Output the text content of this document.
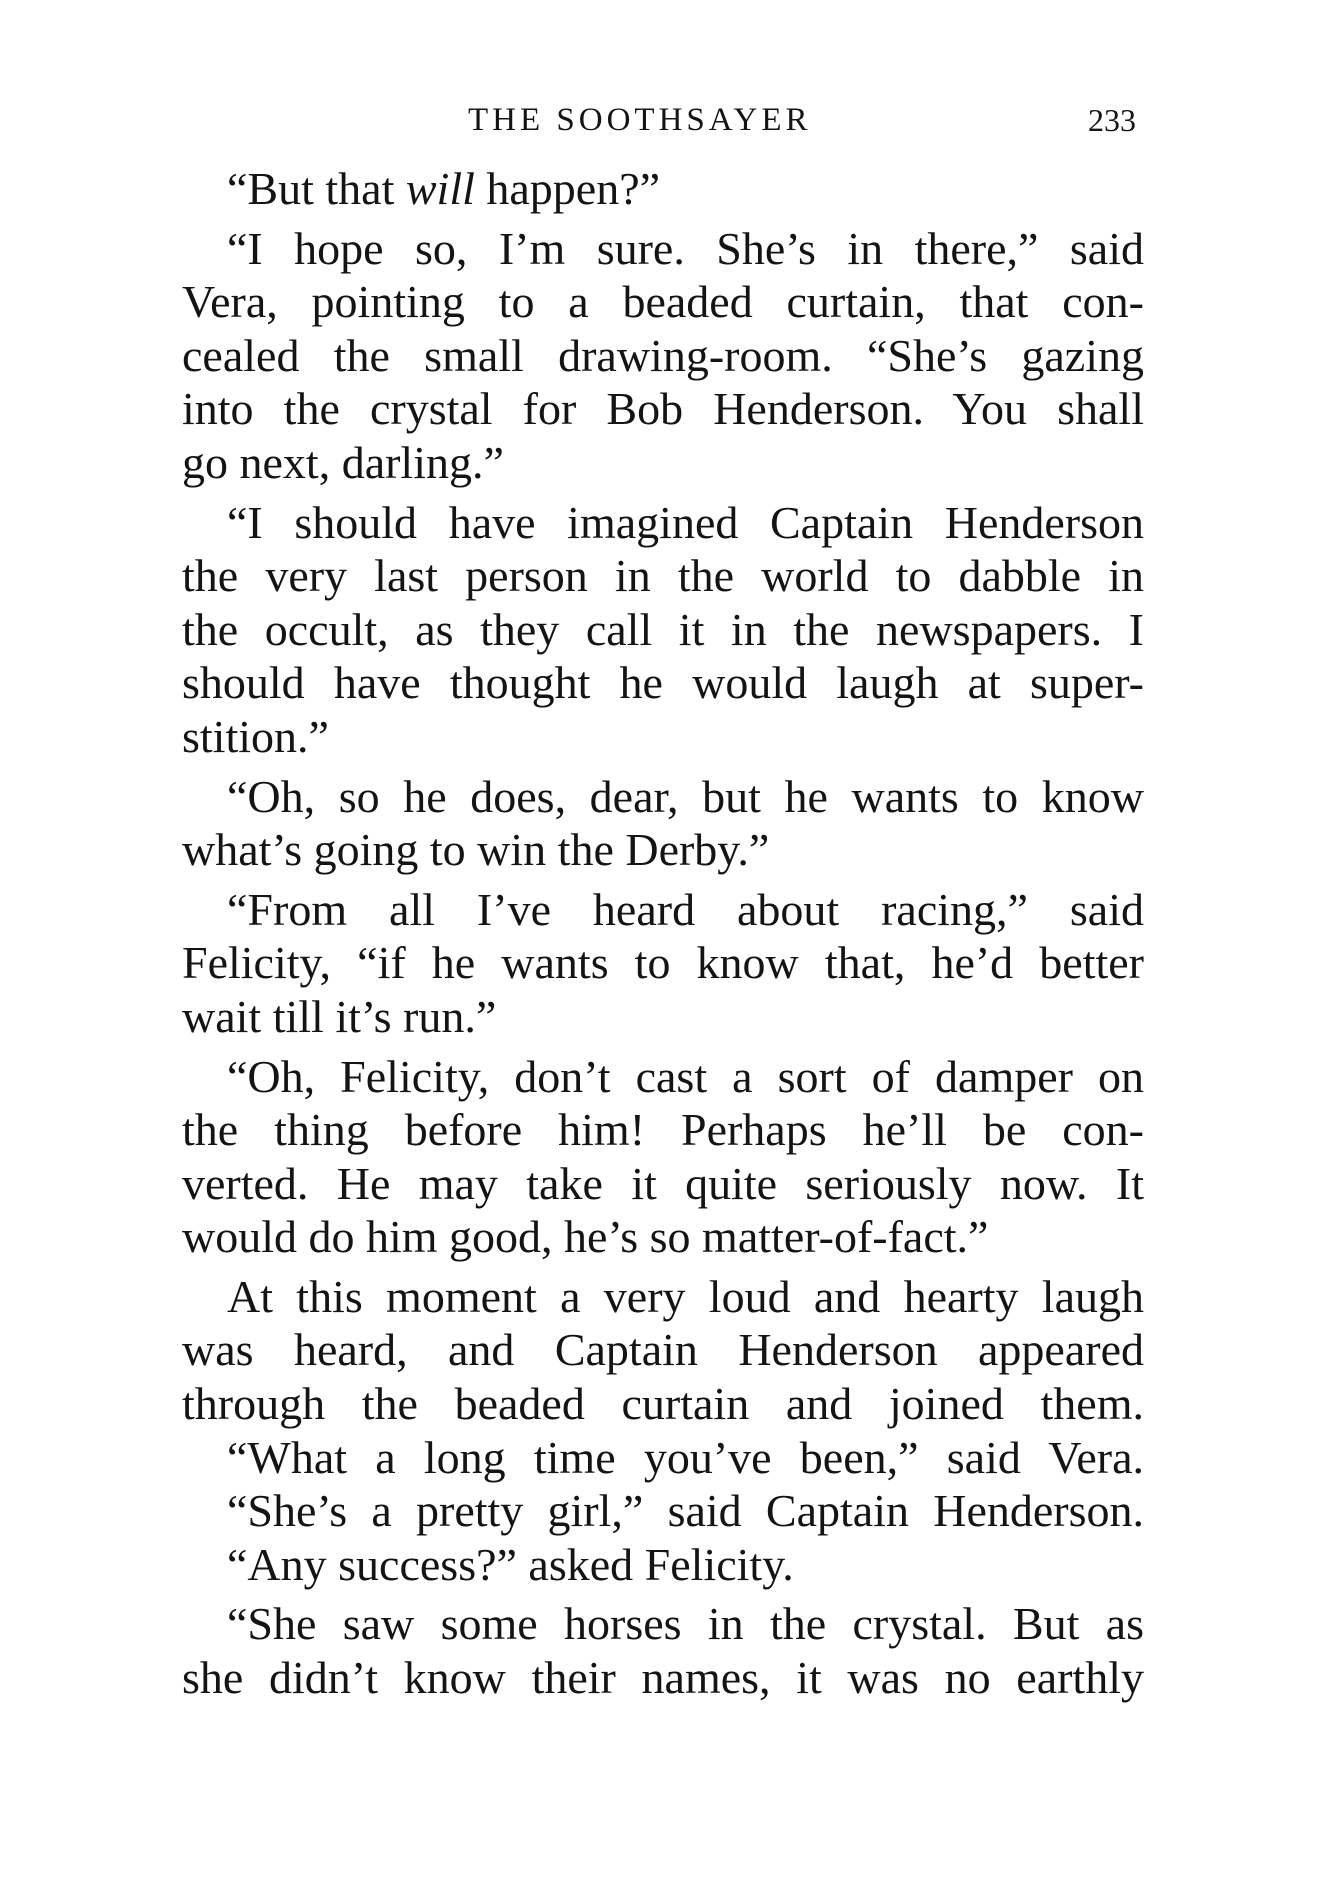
THE SOOTHSAYER	233
“But that will happen?”
“I hope so, I’m sure. She’s in there,” said
Vera, pointing to a beaded curtain, that con-
cealed the small drawing-room. “She’s gazing
into the crystal for Bob Henderson. You shall
go next, darling.”
“I should have imagined Captain Henderson
the very last person in the world to dabble in
the occult, as they call it in the newspapers. I
should have thought he would laugh at super-
stition.”
“Oh, so he does, dear, but he wants to know
what’s going to win the Derby.”
“From all I’ve heard about racing,” said
Felicity, “if he wants to know that, he’d better
wait till it’s run.”
“Oh, Felicity, don’t cast a sort of damper on
the thing before him! Perhaps he’ll be con-
verted. He may take it quite seriously now. It
would do him good, he’s so matter-of-fact.”
At this moment a very loud and hearty laugh
was heard, and Captain Henderson appeared
through the beaded curtain and joined them.
“What a long time you’ve been,” said Vera.
“She’s a pretty girl,” said Captain Henderson.
“Any success?” asked Felicity.
“She saw some horses in the crystal. But as
she didn’t know their names, it was no earthly
